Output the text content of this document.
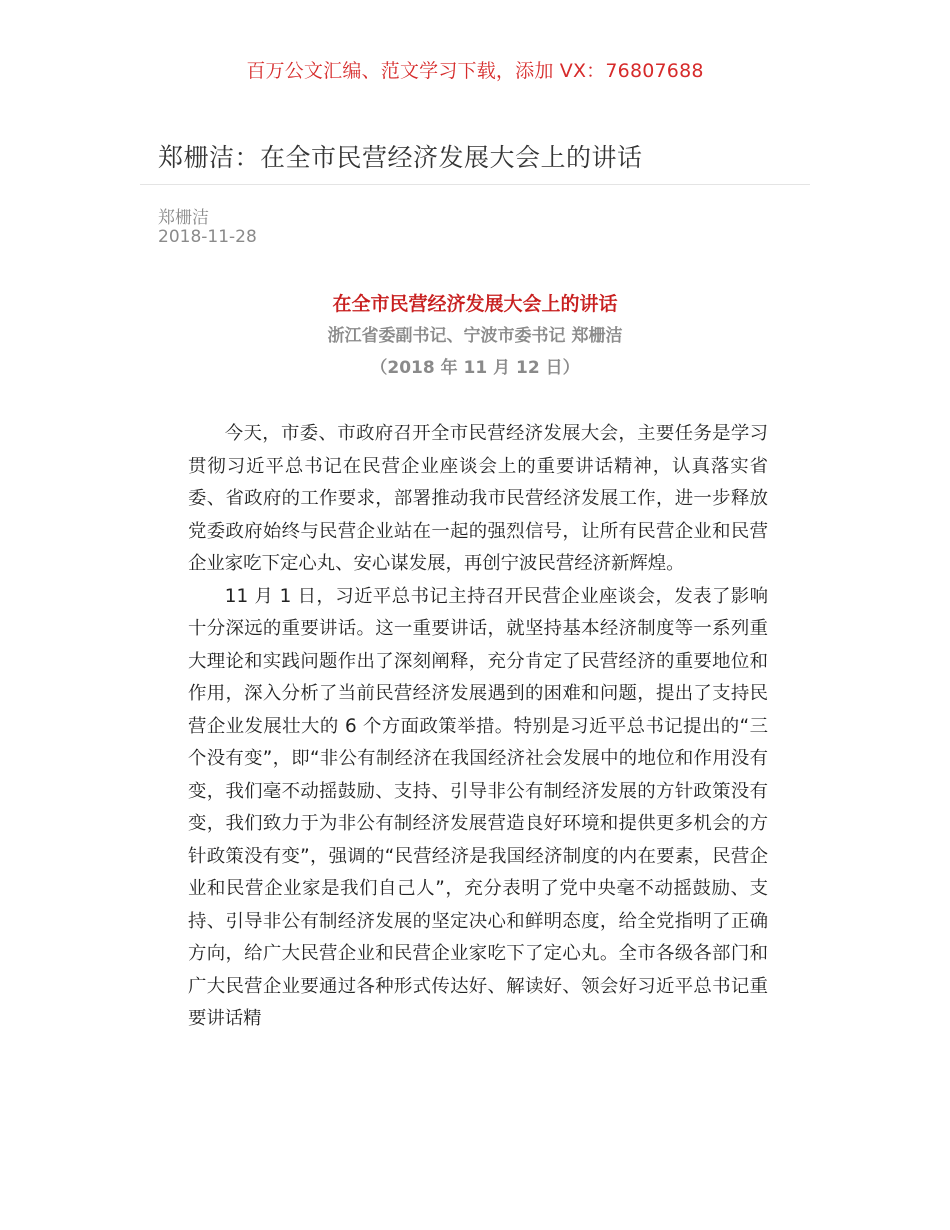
百万公文汇编、范文学习下载，添加 VX：76807688
郑栅洁：在全市民营经济发展大会上的讲话
郑栅洁
2018-11-28
在全市民营经济发展大会上的讲话
浙江省委副书记、宁波市委书记 郑栅洁
（2018 年 11 月 12 日）

今天，市委、市政府召开全市民营经济发展大会，主要任务是学习贯彻习近平总书记在民营企业座谈会上的重要讲话精神，认真落实省委、省政府的工作要求，部署推动我市民营经济发展工作，进一步释放党委政府始终与民营企业站在一起的强烈信号，让所有民营企业和民营企业家吃下定心丸、安心谋发展，再创宁波民营经济新辉煌。

11 月 1 日，习近平总书记主持召开民营企业座谈会，发表了影响十分深远的重要讲话。这一重要讲话，就坚持基本经济制度等一系列重大理论和实践问题作出了深刻阐释，充分肯定了民营经济的重要地位和作用，深入分析了当前民营经济发展遇到的困难和问题，提出了支持民营企业发展壮大的 6 个方面政策举措。特别是习近平总书记提出的“三个没有变”，即“非公有制经济在我国经济社会发展中的地位和作用没有变，我们毫不动摇鼓励、支持、引导非公有制经济发展的方针政策没有变，我们致力于为非公有制经济发展营造良好环境和提供更多机会的方针政策没有变”，强调的“民营经济是我国经济制度的内在要素，民营企业和民营企业家是我们自己人”，充分表明了党中央毫不动摇鼓励、支持、引导非公有制经济发展的坚定决心和鲜明态度，给全党指明了正确方向，给广大民营企业和民营企业家吃下了定心丸。全市各级各部门和广大民营企业要通过各种形式传达好、解读好、领会好习近平总书记重要讲话精
